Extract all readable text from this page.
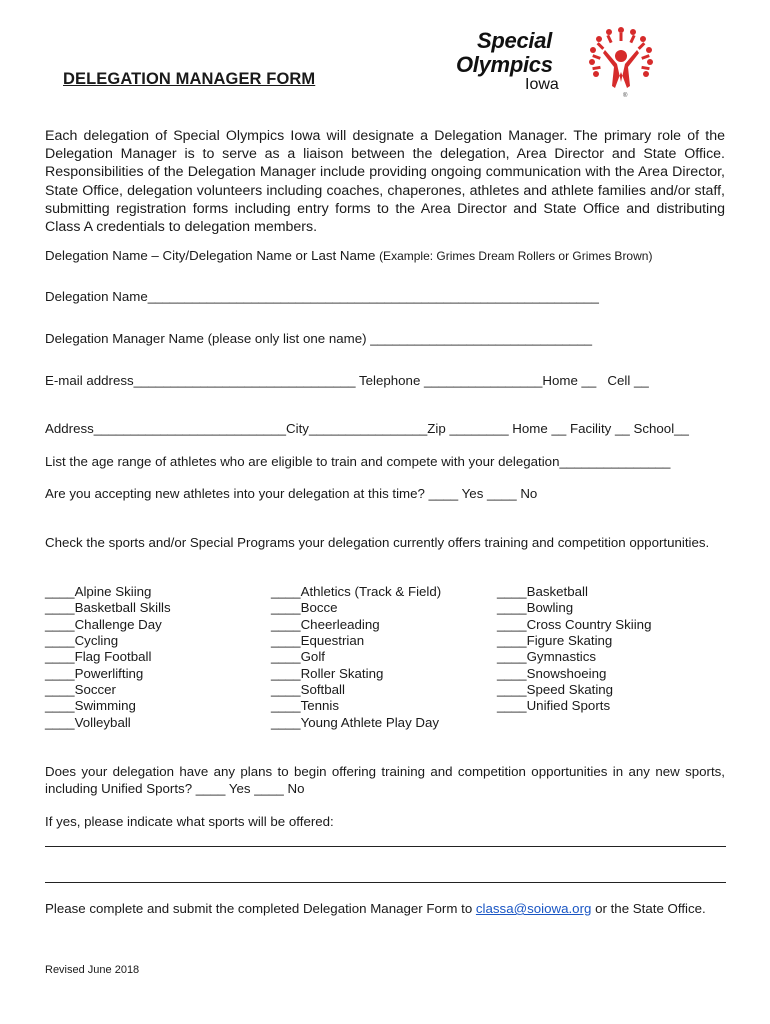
DELEGATION MANAGER FORM
Special
Olympics
Iowa
®
Each delegation of Special Olympics Iowa will designate a Delegation Manager. The primary role of the Delegation Manager is to serve as a liaison between the delegation, Area Director and State Office. Responsibilities of the Delegation Manager include providing ongoing communication with the Area Director, State Office, delegation volunteers including coaches, chaperones, athletes and athlete families and/or staff, submitting registration forms including entry forms to the Area Director and State Office and distributing Class A credentials to delegation members.
Delegation Name – City/Delegation Name or Last Name (Example: Grimes Dream Rollers or Grimes Brown)
Delegation Name_____________________________________________________________
Delegation Manager Name (please only list one name) ______________________________
E-mail address______________________________ Telephone ________________Home __   Cell __
Address__________________________City________________Zip ________ Home __ Facility __ School__
List the age range of athletes who are eligible to train and compete with your delegation_______________
Are you accepting new athletes into your delegation at this time? ____ Yes ____ No
Check the sports and/or Special Programs your delegation currently offers training and competition opportunities.
____Alpine Skiing
____Basketball Skills
____Challenge Day
____Cycling
____Flag Football
____Powerlifting
____Soccer
____Swimming
____Volleyball
____Athletics (Track & Field)
____Bocce
____Cheerleading
____Equestrian
____Golf
____Roller Skating
____Softball
____Tennis
____Young Athlete Play Day
____Basketball
____Bowling
____Cross Country Skiing
____Figure Skating
____Gymnastics
____Snowshoeing
____Speed Skating
____Unified Sports
Does your delegation have any plans to begin offering training and competition opportunities in any new sports, including Unified Sports? ____ Yes ____ No
If yes, please indicate what sports will be offered:
Please complete and submit the completed Delegation Manager Form to classa@soiowa.org or the State Office.
Revised June 2018
